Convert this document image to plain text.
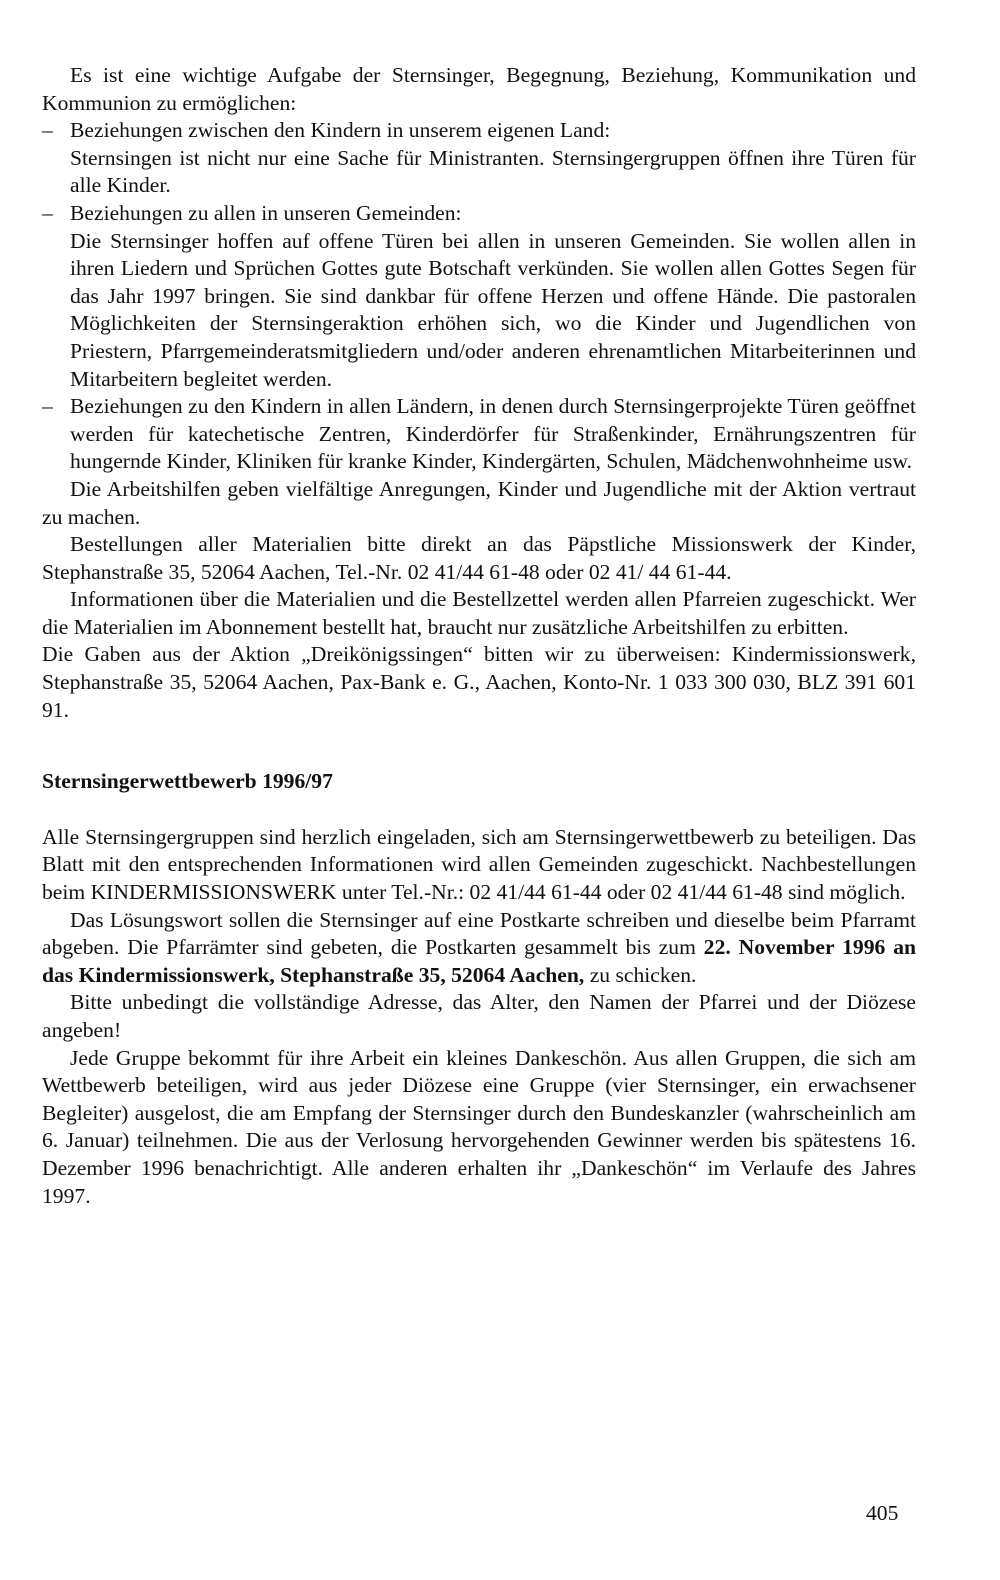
Es ist eine wichtige Aufgabe der Sternsinger, Begegnung, Beziehung, Kommunikation und Kommunion zu ermöglichen:

– Beziehungen zwischen den Kindern in unserem eigenen Land:

Sternsingen ist nicht nur eine Sache für Ministranten. Sternsingergruppen öffnen ihre Türen für alle Kinder.

– Beziehungen zu allen in unseren Gemeinden:

Die Sternsinger hoffen auf offene Türen bei allen in unseren Gemeinden. Sie wollen allen in ihren Liedern und Sprüchen Gottes gute Botschaft verkünden. Sie wollen allen Gottes Segen für das Jahr 1997 bringen. Sie sind dankbar für offene Herzen und offene Hände. Die pastoralen Möglichkeiten der Sternsingeraktion erhöhen sich, wo die Kinder und Jugendlichen von Priestern, Pfarrgemeinderatsmitgliedern und/oder anderen ehrenamtlichen Mitarbeiterinnen und Mitarbeitern begleitet werden.

– Beziehungen zu den Kindern in allen Ländern, in denen durch Sternsingerprojekte Türen geöffnet werden für katechetische Zentren, Kinderdörfer für Straßenkinder, Ernährungszentren für hungernde Kinder, Kliniken für kranke Kinder, Kindergärten, Schulen, Mädchenwohnheime usw.

Die Arbeitshilfen geben vielfältige Anregungen, Kinder und Jugendliche mit der Aktion vertraut zu machen.

Bestellungen aller Materialien bitte direkt an das Päpstliche Missionswerk der Kinder, Stephanstraße 35, 52064 Aachen, Tel.-Nr. 02 41/44 61-48 oder 02 41/ 44 61-44.

Informationen über die Materialien und die Bestellzettel werden allen Pfarreien zugeschickt. Wer die Materialien im Abonnement bestellt hat, braucht nur zusätzliche Arbeitshilfen zu erbitten.

Die Gaben aus der Aktion „Dreikönigssingen“ bitten wir zu überweisen: Kindermissionswerk, Stephanstraße 35, 52064 Aachen, Pax-Bank e. G., Aachen, Konto-Nr. 1 033 300 030, BLZ 391 601 91.

Sternsingerwettbewerb 1996/97

Alle Sternsingergruppen sind herzlich eingeladen, sich am Sternsingerwettbewerb zu beteiligen. Das Blatt mit den entsprechenden Informationen wird allen Gemeinden zugeschickt. Nachbestellungen beim KINDERMISSIONSWERK unter Tel.-Nr.: 02 41/44 61-44 oder 02 41/44 61-48 sind möglich.

Das Lösungswort sollen die Sternsinger auf eine Postkarte schreiben und dieselbe beim Pfarramt abgeben. Die Pfarrämter sind gebeten, die Postkarten gesammelt bis zum 22. November 1996 an das Kindermissionswerk, Stephanstraße 35, 52064 Aachen, zu schicken.

Bitte unbedingt die vollständige Adresse, das Alter, den Namen der Pfarrei und der Diözese angeben!

Jede Gruppe bekommt für ihre Arbeit ein kleines Dankeschön. Aus allen Gruppen, die sich am Wettbewerb beteiligen, wird aus jeder Diözese eine Gruppe (vier Sternsinger, ein erwachsener Begleiter) ausgelost, die am Empfang der Sternsinger durch den Bundeskanzler (wahrscheinlich am 6. Januar) teilnehmen. Die aus der Verlosung hervorgehenden Gewinner werden bis spätestens 16. Dezember 1996 benachrichtigt. Alle anderen erhalten ihr „Dankeschön“ im Verlaufe des Jahres 1997.

405
